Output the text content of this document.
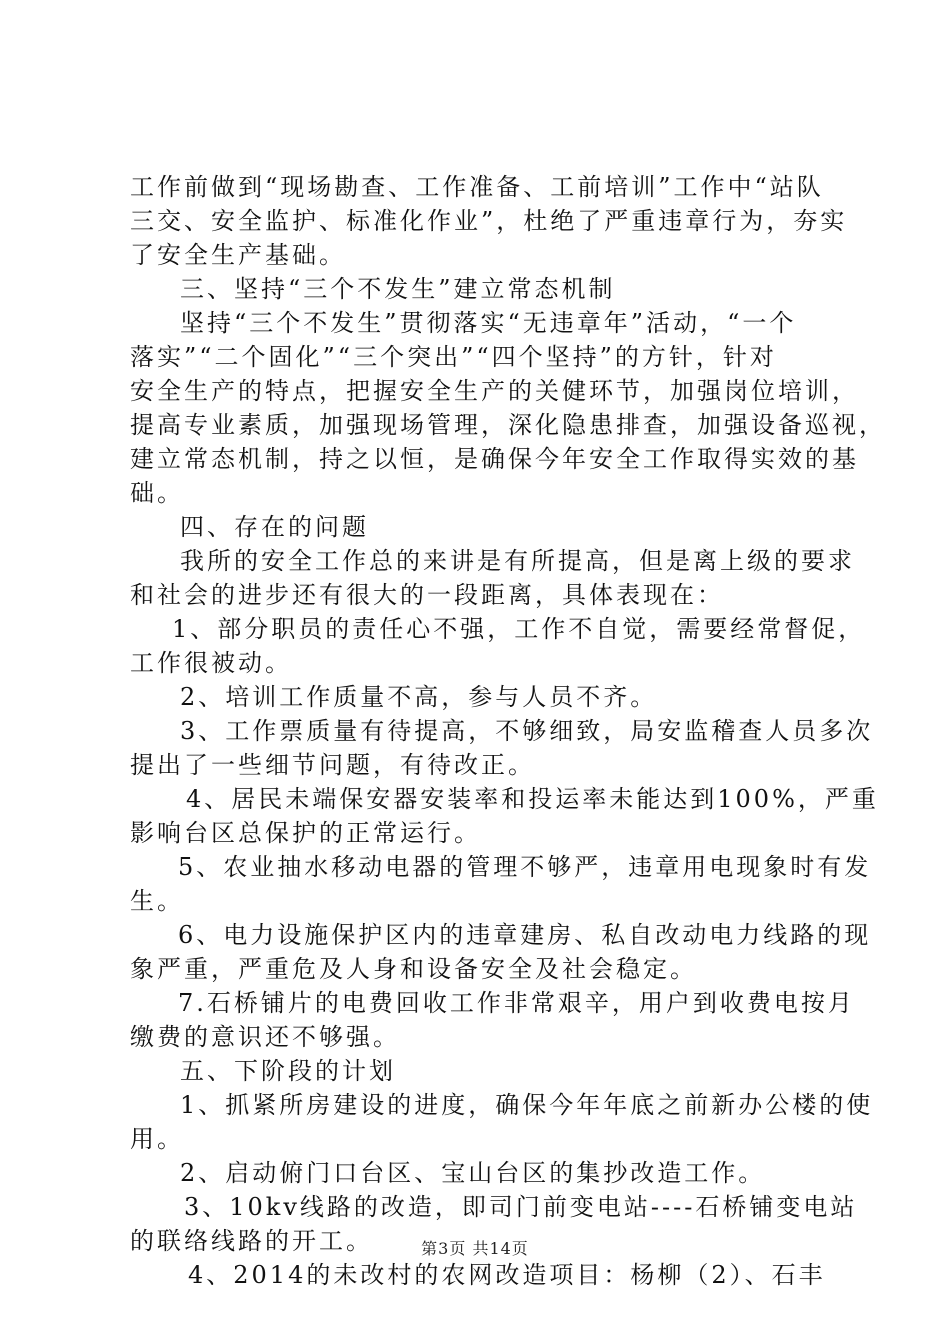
工作前做到“现场勘查、工作准备、工前培训”工作中“站队
三交、安全监护、标准化作业”，杜绝了严重违章行为，夯实
了安全生产基础。
三、坚持“三个不发生”建立常态机制
坚持“三个不发生”贯彻落实“无违章年”活动，“一个
落实”“二个固化”“三个突出”“四个坚持”的方针，针对
安全生产的特点，把握安全生产的关健环节，加强岗位培训，
提高专业素质，加强现场管理，深化隐患排查，加强设备巡视，
建立常态机制，持之以恒，是确保今年安全工作取得实效的基
础。
四、存在的问题
我所的安全工作总的来讲是有所提高，但是离上级的要求
和社会的进步还有很大的一段距离，具体表现在：
1、部分职员的责任心不强，工作不自觉，需要经常督促，
工作很被动。
2、培训工作质量不高，参与人员不齐。
3、工作票质量有待提高，不够细致，局安监稽查人员多次
提出了一些细节问题，有待改正。
4、居民未端保安器安装率和投运率未能达到100%，严重
影响台区总保护的正常运行。
5、农业抽水移动电器的管理不够严，违章用电现象时有发
生。
6、电力设施保护区内的违章建房、私自改动电力线路的现
象严重，严重危及人身和设备安全及社会稳定。
7.石桥铺片的电费回收工作非常艰辛，用户到收费电按月
缴费的意识还不够强。
五、下阶段的计划
1、抓紧所房建设的进度，确保今年年底之前新办公楼的使
用。
2、启动俯门口台区、宝山台区的集抄改造工作。
3、10kv线路的改造，即司门前变电站----石桥铺变电站
的联络线路的开工。
4、2014的未改村的农网改造项目：杨柳（2）、石丰
第3页 共14页
